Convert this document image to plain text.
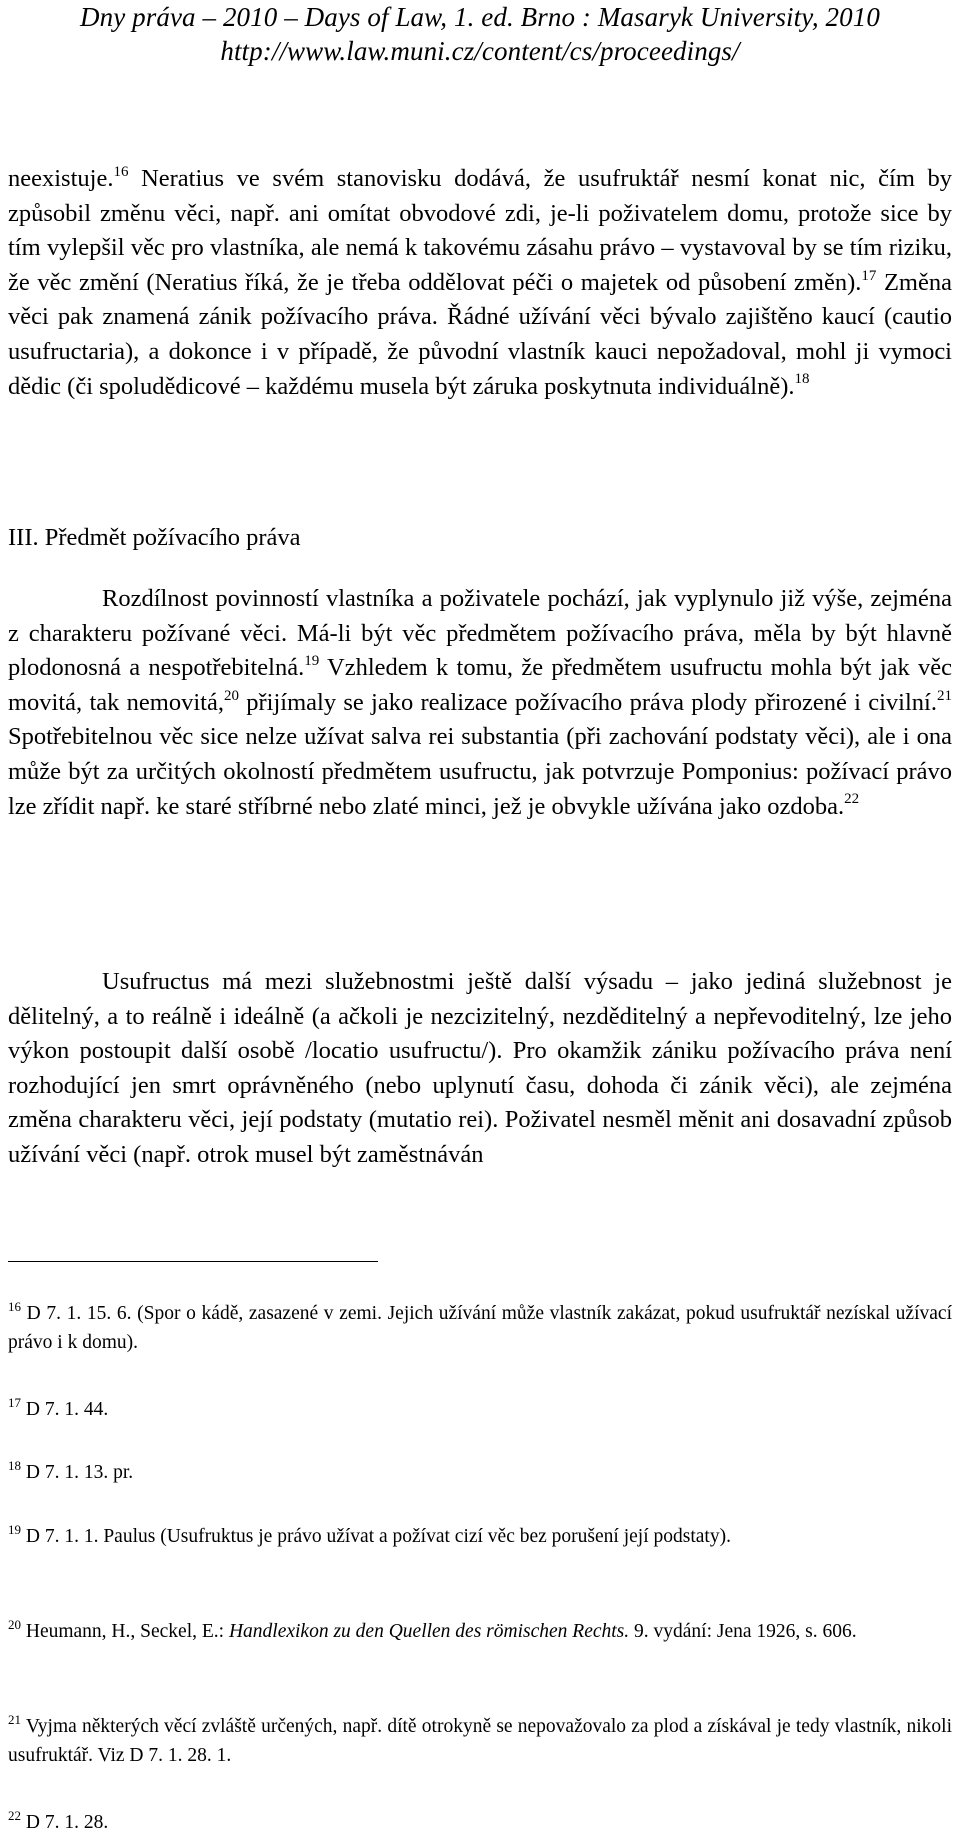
Dny práva – 2010 – Days of Law, 1. ed. Brno : Masaryk University, 2010
http://www.law.muni.cz/content/cs/proceedings/

neexistuje.$^{16}$ Neratius ve svém stanovisku dodává, že usufruktář nesmí konat nic, čím by způsobil změnu věci, např. ani omítat obvodové zdi, je-li poživatelem domu, protože sice by tím vylepšil věc pro vlastníka, ale nemá k takovému zásahu právo – vystavoval by se tím riziku, že věc změní (Neratius říká, že je třeba oddělovat péči o majetek od působení změn).$^{17}$ Změna věci pak znamená zánik požívacího práva. Řádné užívání věci bývalo zajištěno kaucí (cautio usufructaria), a dokonce i v případě, že původní vlastník kauci nepožadoval, mohl ji vymoci dědic (či spoludědicové – každému musela být záruka poskytnuta individuálně).$^{18}$

III. Předmět požívacího práva

Rozdílnost povinností vlastníka a poživatele pochází, jak vyplynulo již výše, zejména z charakteru požívané věci. Má-li být věc předmětem požívacího práva, měla by být hlavně plodonosná a nespotřebitelná.$^{19}$ Vzhledem k tomu, že předmětem usufructu mohla být jak věc movitá, tak nemovitá,$^{20}$ přijímaly se jako realizace požívacího práva plody přirozené i civilní.$^{21}$ Spotřebitelnou věc sice nelze užívat salva rei substantia (při zachování podstaty věci), ale i ona může být za určitých okolností předmětem usufructu, jak potvrzuje Pomponius: požívací právo lze zřídit např. ke staré stříbrné nebo zlaté minci, jež je obvykle užívána jako ozdoba.$^{22}$

Usufructus má mezi služebnostmi ještě další výsadu – jako jediná služebnost je dělitelný, a to reálně i ideálně (a ačkoli je nezcizitelný, nezděditelný a nepřevoditelný, lze jeho výkon postoupit další osobě /locatio usufructu/). Pro okamžik zániku požívacího práva není rozhodující jen smrt oprávněného (nebo uplynutí času, dohoda či zánik věci), ale zejména změna charakteru věci, její podstaty (mutatio rei). Poživatel nesměl měnit ani dosavadní způsob užívání věci (např. otrok musel být zaměstnáván

$^{16}$ D 7. 1. 15. 6. (Spor o kádě, zasazené v zemi. Jejich užívání může vlastník zakázat, pokud usufruktář nezískal užívací právo i k domu).
$^{17}$ D 7. 1. 44.
$^{18}$ D 7. 1. 13. pr.
$^{19}$ D 7. 1. 1. Paulus (Usufruktus je právo užívat a požívat cizí věc bez porušení její podstaty).
$^{20}$ Heumann, H., Seckel, E.: Handlexikon zu den Quellen des römischen Rechts. 9. vydání: Jena 1926, s. 606.
$^{21}$ Vyjma některých věcí zvláště určených, např. dítě otrokyně se nepovažovalo za plod a získával je tedy vlastník, nikoli usufruktář. Viz D 7. 1. 28. 1.
$^{22}$ D 7. 1. 28.
